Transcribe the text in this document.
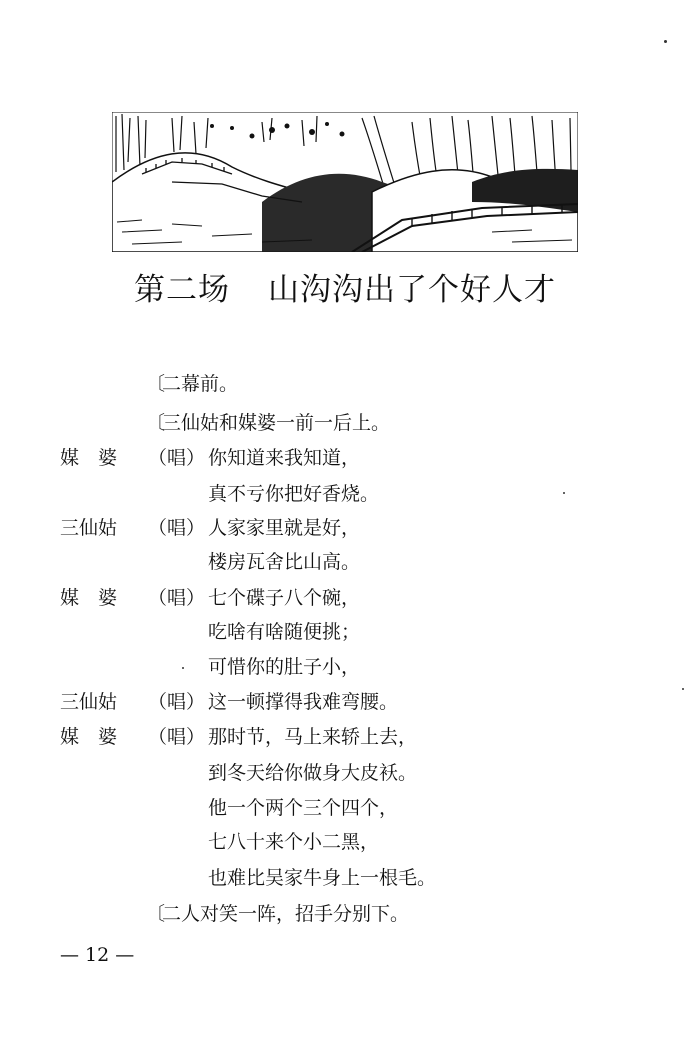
第二场 山沟沟出了个好人才
〔二幕前。
〔三仙姑和媒婆一前一后上。
媒　婆	（唱） 你知道来我知道，
真不亏你把好香烧。
三仙姑	（唱） 人家家里就是好，
楼房瓦舍比山高。
媒　婆	（唱） 七个碟子八个碗，
吃啥有啥随便挑；
可惜你的肚子小，
三仙姑	（唱） 这一顿撑得我难弯腰。
媒　婆	（唱） 那时节，马上来轿上去，
到冬天给你做身大皮袄。
他一个两个三个四个，
七八十来个小二黑，
也难比吴家牛身上一根毛。
〔二人对笑一阵，招手分别下。
— 12 —
